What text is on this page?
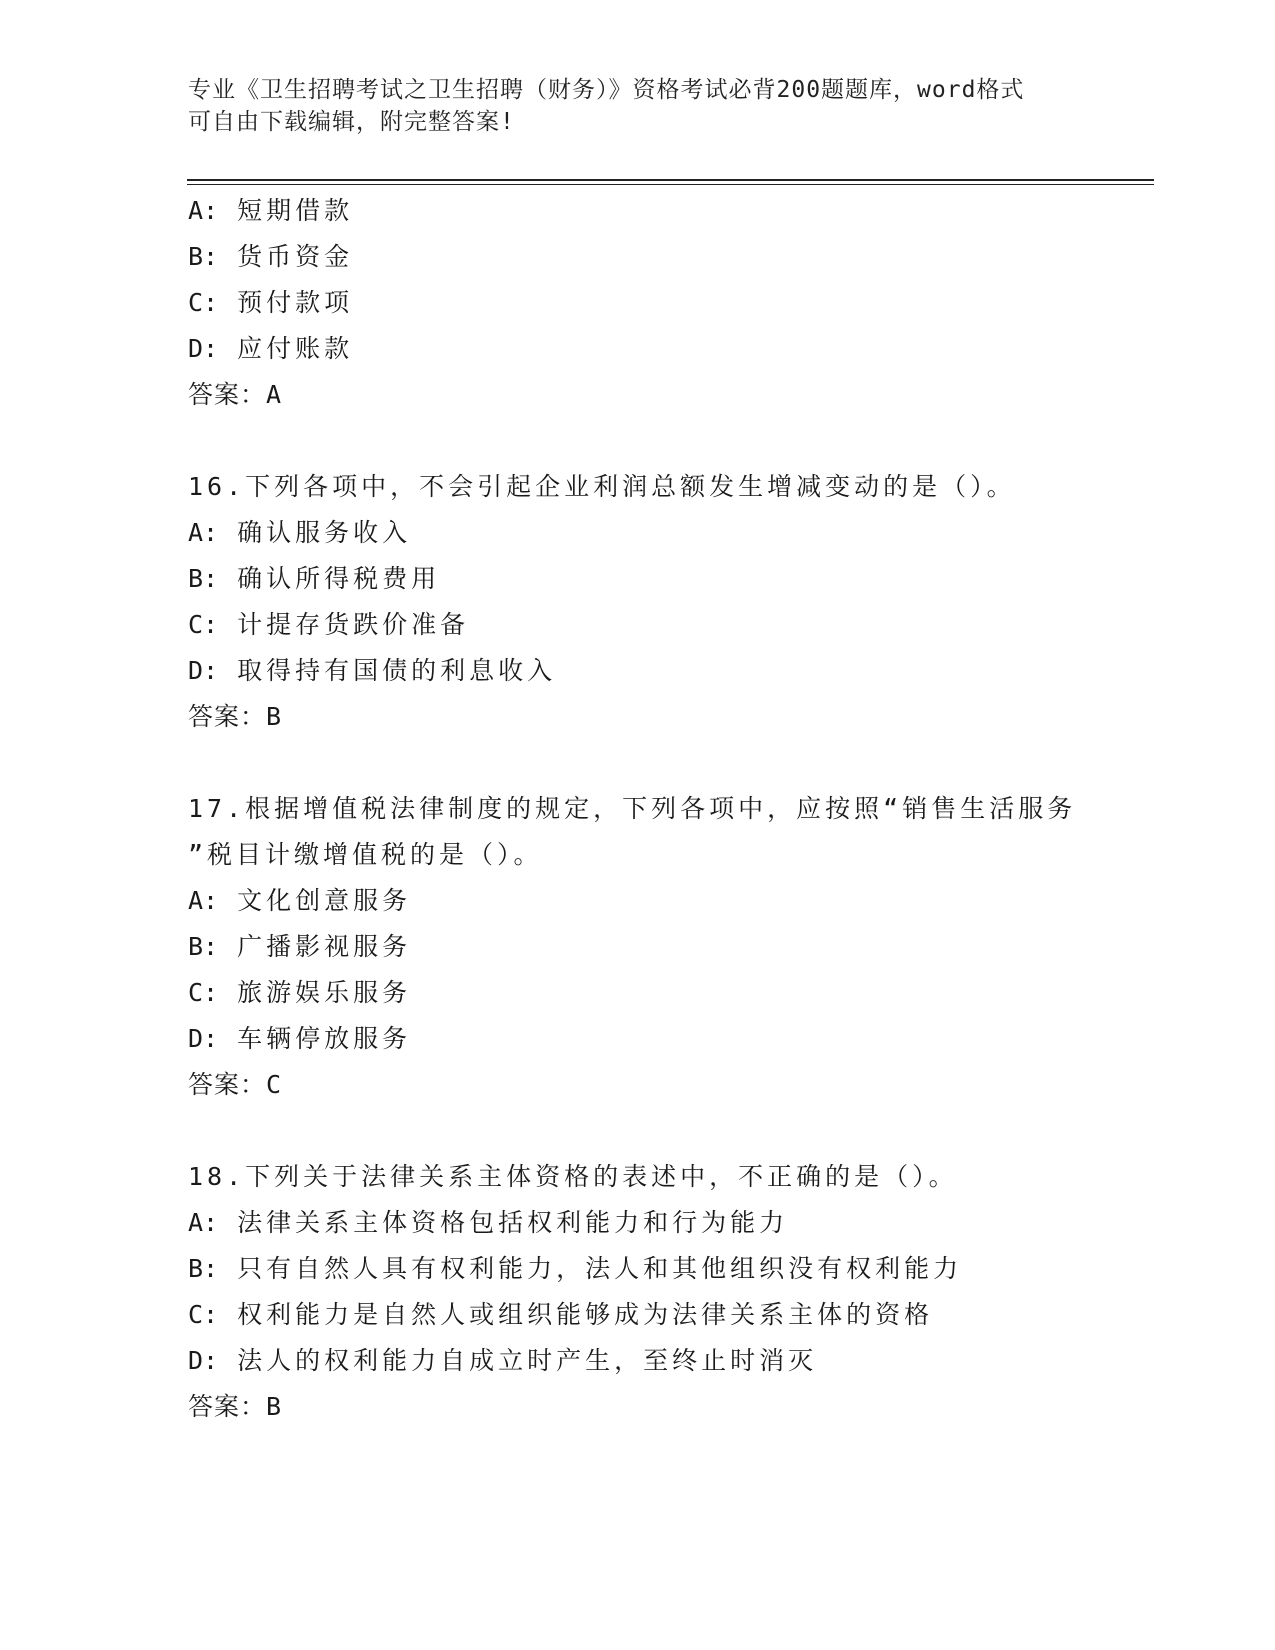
专业《卫生招聘考试之卫生招聘（财务）》资格考试必背200题题库，word格式
可自由下载编辑，附完整答案!
A: 短期借款
B: 货币资金
C: 预付款项
D: 应付账款
答案：A
16.下列各项中，不会引起企业利润总额发生增减变动的是（）。
A: 确认服务收入
B: 确认所得税费用
C: 计提存货跌价准备
D: 取得持有国债的利息收入
答案：B
17.根据增值税法律制度的规定，下列各项中，应按照“销售生活服务
”税目计缴增值税的是（）。
A: 文化创意服务
B: 广播影视服务
C: 旅游娱乐服务
D: 车辆停放服务
答案：C
18.下列关于法律关系主体资格的表述中，不正确的是（）。
A: 法律关系主体资格包括权利能力和行为能力
B: 只有自然人具有权利能力，法人和其他组织没有权利能力
C: 权利能力是自然人或组织能够成为法律关系主体的资格
D: 法人的权利能力自成立时产生，至终止时消灭
答案：B
